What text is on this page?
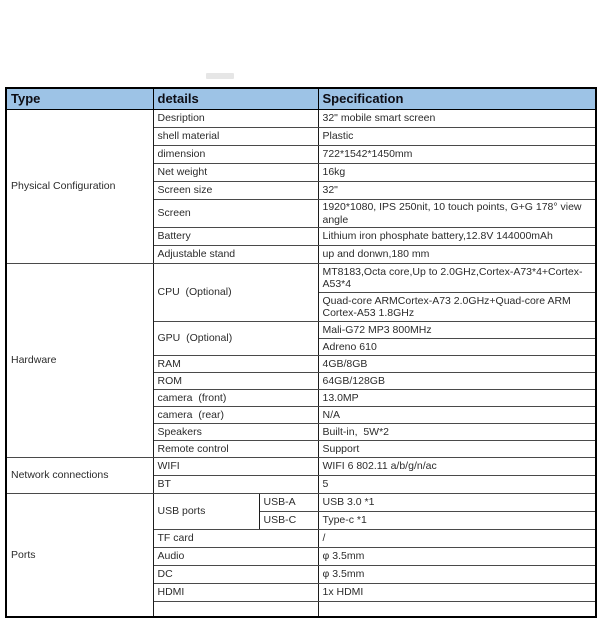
Type	details		Specification
Physical Configuration	Desription		32" mobile smart screen
	shell material		Plastic
	dimension		722*1542*1450mm
	Net weight		16kg
	Screen size		32"
	Screen		1920*1080, IPS 250nit, 10 touch points, G+G 178° view angle
	Battery		Lithium iron phosphate battery,12.8V 144000mAh
	Adjustable stand		up and donwn,180 mm
Hardware	CPU  (Optional)		MT8183,Octa core,Up to 2.0GHz,Cortex-A73*4+Cortex-A53*4
			Quad-core ARMCortex-A73 2.0GHz+Quad-core ARM Cortex-A53 1.8GHz
	GPU  (Optional)		Mali-G72 MP3 800MHz
			Adreno 610
	RAM		4GB/8GB
	ROM		64GB/128GB
	camera  (front)		13.0MP
	camera  (rear)		N/A
	Speakers		Built-in,  5W*2
	Remote control		Support
Network connections	WIFI		WIFI 6 802.11 a/b/g/n/ac
	BT		5
Ports	USB ports	USB-A	USB 3.0 *1
		USB-C	Type-c *1
	TF card		/
	Audio		φ 3.5mm
	DC		φ 3.5mm
	HDMI		1x HDMI
